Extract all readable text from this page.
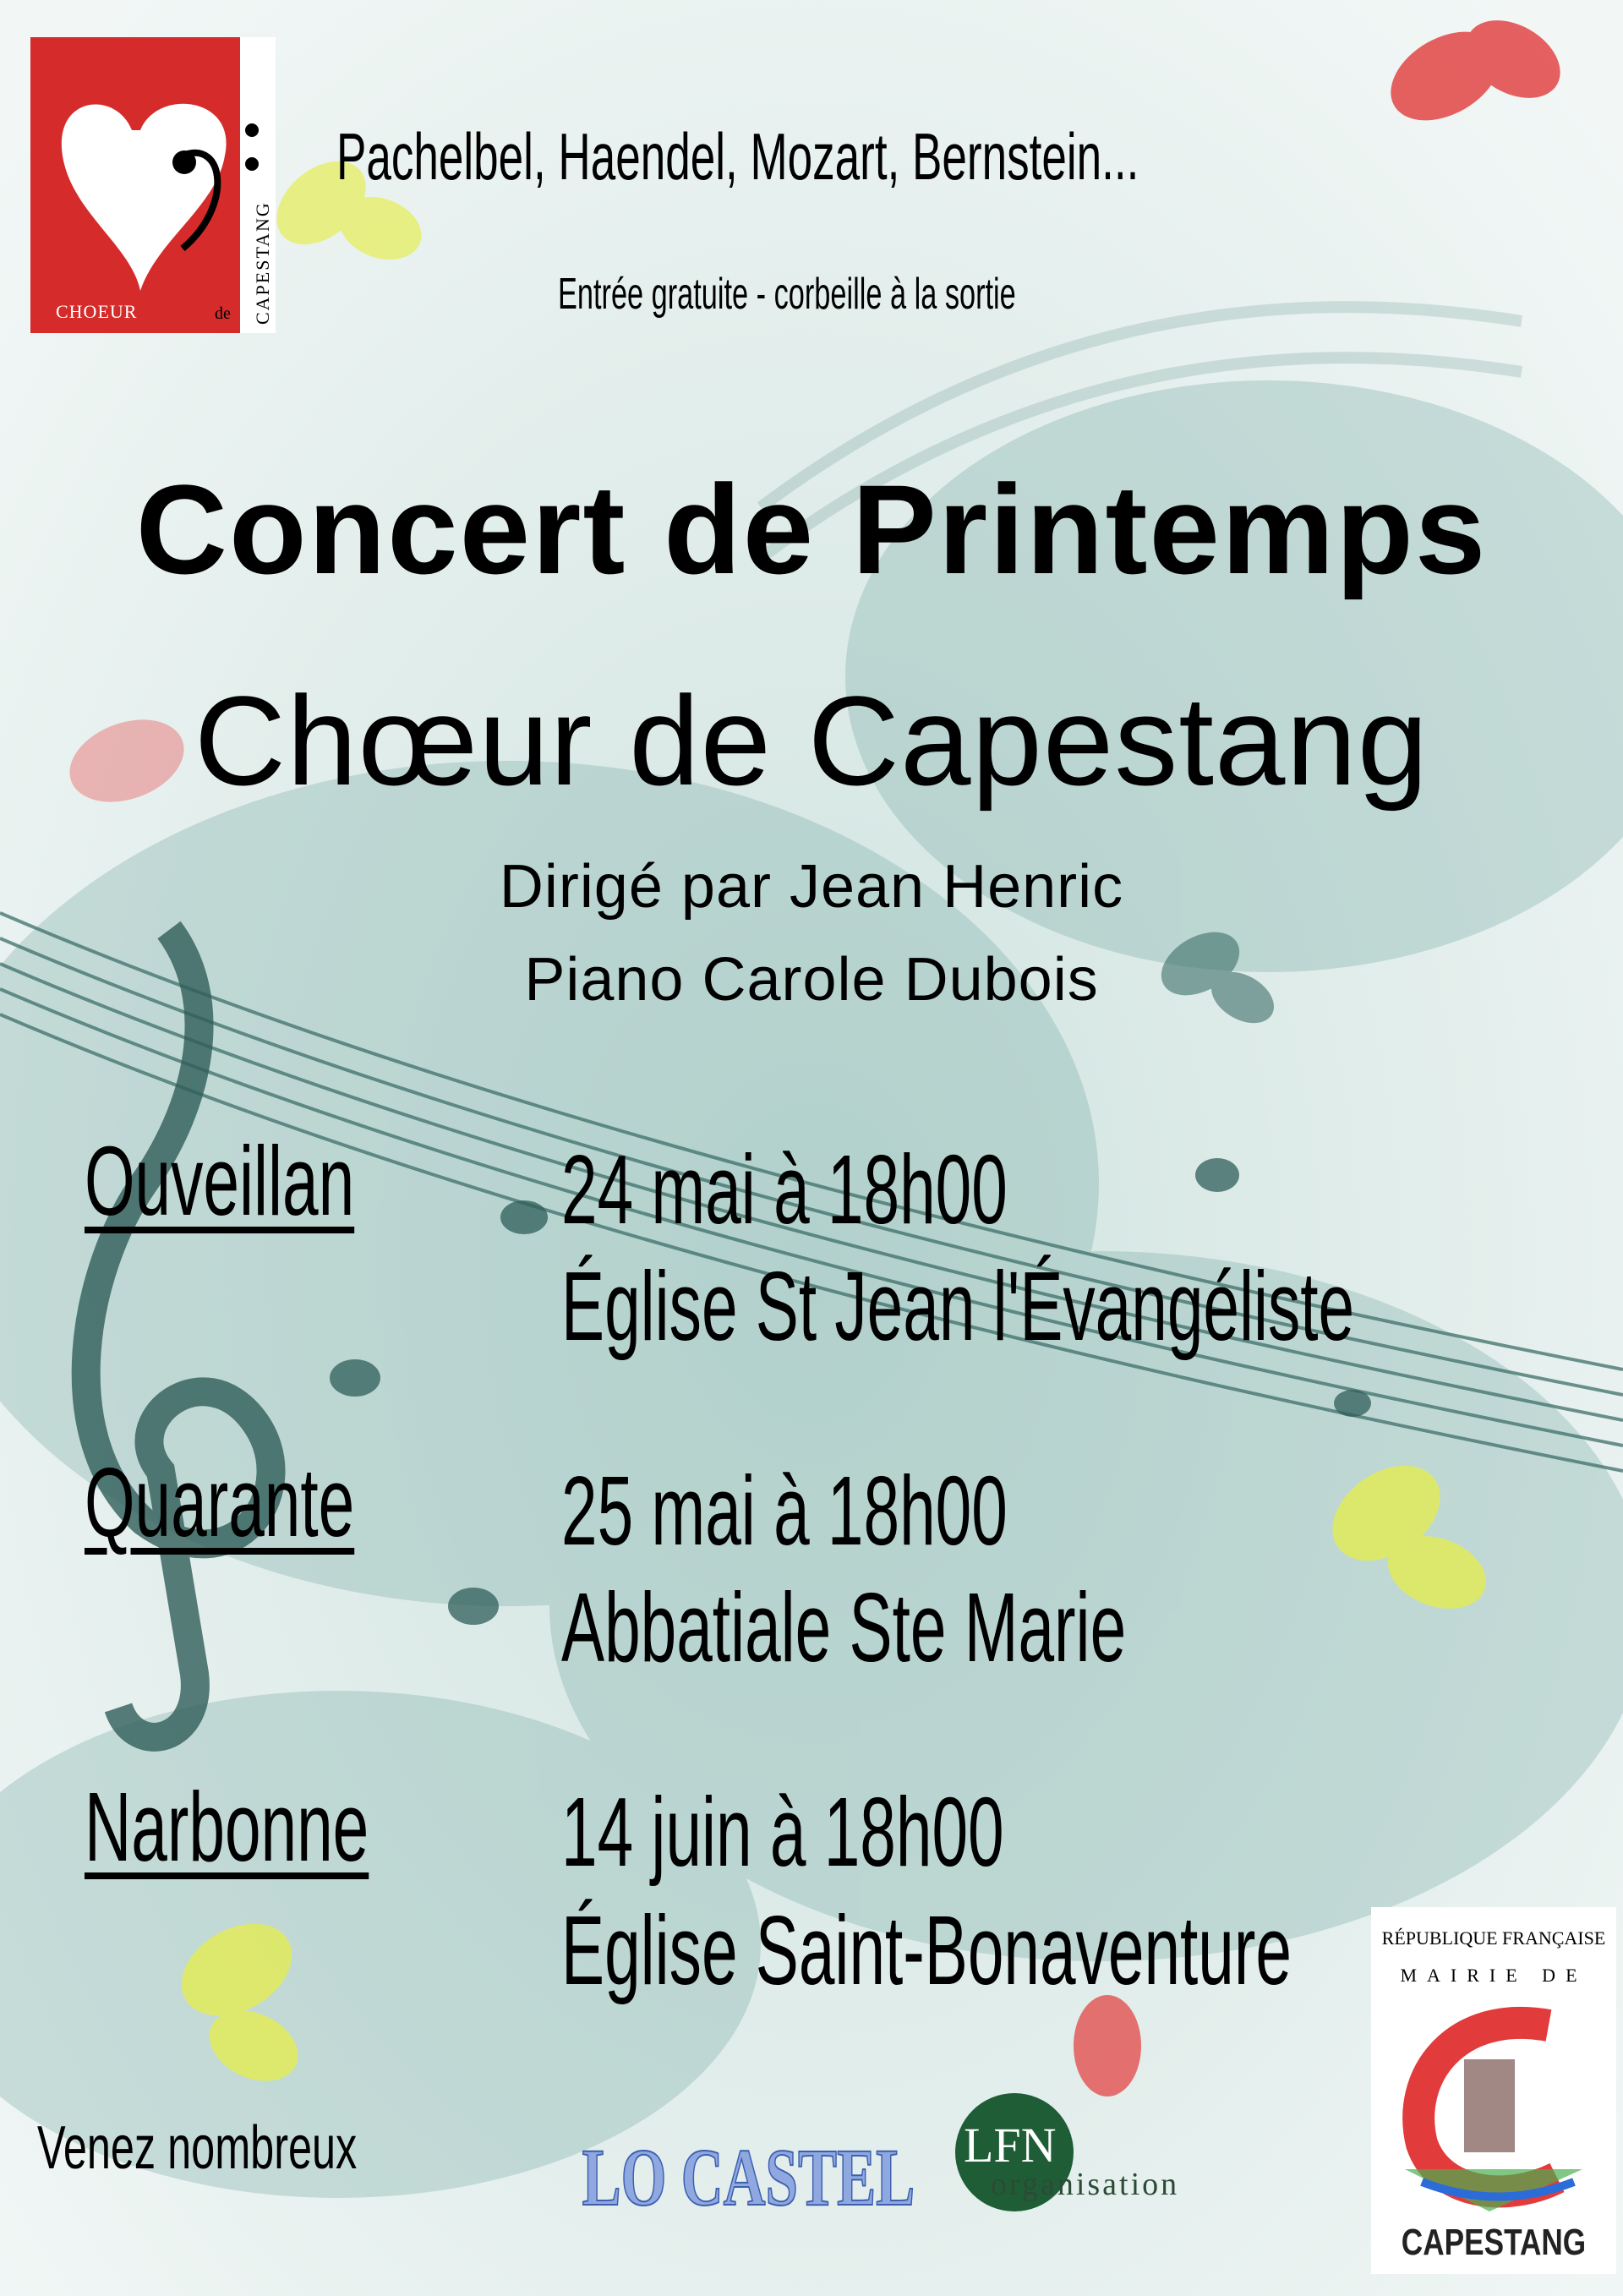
CHOEUR	de CAPESTANG
Pachelbel, Haendel, Mozart, Bernstein...
Entrée gratuite - corbeille à la sortie
Concert de Printemps
Chœur de Capestang
Dirigé par Jean Henric
Piano Carole Dubois
Ouveillan 24 mai à 18h00
Église St Jean l'Évangéliste
Quarante 25 mai à 18h00
Abbatiale Ste Marie
Narbonne 14 juin à 18h00
Église Saint-Bonaventure
Venez nombreux	LO CASTEL LFN
organisation
RÉPUBLIQUE FRANÇAISE
MAIRIE DE
CAPESTANG
